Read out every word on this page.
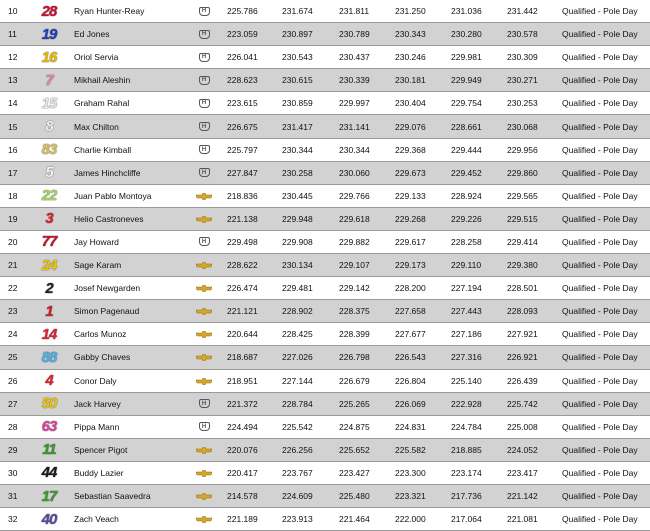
10	28	Ryan Hunter-Reay	H	225.786	231.674	231.811	231.250	231.036	231.442	Qualified - Pole Day
11	19	Ed Jones	H	223.059	230.897	230.789	230.343	230.280	230.578	Qualified - Pole Day
12	16	Oriol Servia	H	226.041	230.543	230.437	230.246	229.981	230.309	Qualified - Pole Day
13	7	Mikhail Aleshin	H	228.623	230.615	230.339	230.181	229.949	230.271	Qualified - Pole Day
14	15	Graham Rahal	H	223.615	230.859	229.997	230.404	229.754	230.253	Qualified - Pole Day
15	8	Max Chilton	H	226.675	231.417	231.141	229.076	228.661	230.068	Qualified - Pole Day
16	83	Charlie Kimball	H	225.797	230.344	230.344	229.368	229.444	229.956	Qualified - Pole Day
17	5	James Hinchcliffe	H	227.847	230.258	230.060	229.673	229.452	229.860	Qualified - Pole Day
18	22	Juan Pablo Montoya	218.836	230.445	229.766	229.133	228.924	229.565	Qualified - Pole Day
19	3	Helio Castroneves	221.138	229.948	229.618	229.268	229.226	229.515	Qualified - Pole Day
20	77	Jay Howard	H	229.498	229.908	229.882	229.617	228.258	229.414	Qualified - Pole Day
21	24	Sage Karam	228.622	230.134	229.107	229.173	229.110	229.380	Qualified - Pole Day
22	2	Josef Newgarden	226.474	229.481	229.142	228.200	227.194	228.501	Qualified - Pole Day
23	1	Simon Pagenaud	221.121	228.902	228.375	227.658	227.443	228.093	Qualified - Pole Day
24	14	Carlos Munoz	220.644	228.425	228.399	227.677	227.186	227.921	Qualified - Pole Day
25	88	Gabby Chaves	218.687	227.026	226.798	226.543	227.316	226.921	Qualified - Pole Day
26	4	Conor Daly	218.951	227.144	226.679	226.804	225.140	226.439	Qualified - Pole Day
27	50	Jack Harvey	H	221.372	228.784	225.265	226.069	222.928	225.742	Qualified - Pole Day
28	63	Pippa Mann	H	224.494	225.542	224.875	224.831	224.784	225.008	Qualified - Pole Day
29	11	Spencer Pigot	220.076	226.256	225.652	225.582	218.885	224.052	Qualified - Pole Day
30	44	Buddy Lazier	220.417	223.767	223.427	223.300	223.174	223.417	Qualified - Pole Day
31	17	Sebastian Saavedra	214.578	224.609	225.480	223.321	217.736	221.142	Qualified - Pole Day
32	40	Zach Veach	221.189	223.913	221.464	222.000	217.064	221.081	Qualified - Pole Day
